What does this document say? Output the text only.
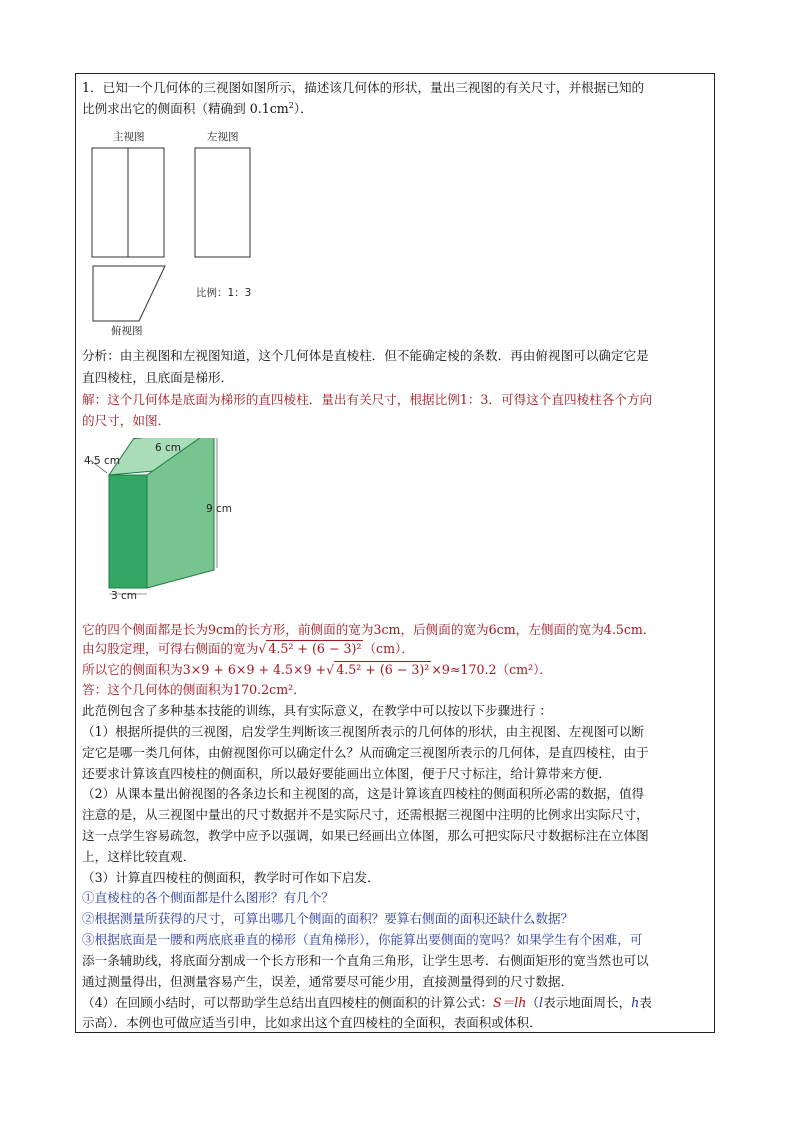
1．已知一个几何体的三视图如图所示，描述该几何体的形状，量出三视图的有关尺寸，并根据已知的
比例求出它的侧面积（精确到 $0.1cm^2$）．
主视图	左视图
比例：1：3
俯视图
分析：由主视图和左视图知道，这个几何体是直棱柱．但不能确定棱的条数．再由俯视图可以确定它是
直四棱柱，且底面是梯形．
解：这个几何体是底面为梯形的直四棱柱．量出有关尺寸，根据比例1：3．可得这个直四棱柱各个方向
的尺寸，如图．
6 cm
4.5 cm
9 cm
3 cm
它的四个侧面都是长为9cm的长方形，前侧面的宽为3cm，后侧面的宽为6cm，左侧面的宽为4.5cm．
由勾股定理，可得右侧面的宽为√ 4.5² + (6 − 3)² （cm）．
所以它的侧面积为3×9 + 6×9 + 4.5×9 +√ 4.5² + (6 − 3)² ×9≈170.2（cm²）．
答：这个几何体的侧面积为170.2cm²．
此范例包含了多种基本技能的训练，具有实际意义，在教学中可以按以下步骤进行 ：
（1）根据所提供的三视图，启发学生判断该三视图所表示的几何体的形状，由主视图、左视图可以断
定它是哪一类几何体，由俯视图你可以确定什么？从而确定三视图所表示的几何体，是直四棱柱，由于
还要求计算该直四棱柱的侧面积，所以最好要能画出立体图，便于尺寸标注，给计算带来方便．
（2）从课本量出俯视图的各条边长和主视图的高，这是计算该直四棱柱的侧面积所必需的数据，值得
注意的是，从三视图中量出的尺寸数据并不是实际尺寸，还需根据三视图中注明的比例求出实际尺寸，
这一点学生容易疏忽，教学中应予以强调，如果已经画出立体图，那么可把实际尺寸数据标注在立体图
上，这样比较直观．
（3）计算直四棱柱的侧面积，教学时可作如下启发．
①直棱柱的各个侧面都是什么图形？有几个？
②根据测量所获得的尺寸，可算出哪几个侧面的面积？要算右侧面的面积还缺什么数据？
③根据底面是一腰和两底底垂直的梯形（直角梯形），你能算出要侧面的宽吗？如果学生有个困难，可
添一条辅助线，将底面分割成一个长方形和一个直角三角形，让学生思考．右侧面矩形的宽当然也可以
通过测量得出，但测量容易产生，误差，通常要尽可能少用，直接测量得到的尺寸数据．
（4）在回顾小结时，可以帮助学生总结出直四棱柱的侧面积的计算公式：S＝lh（l表示地面周长，h表
示高）．本例也可做应适当引申，比如求出这个直四棱柱的全面积，表面积或体积．
